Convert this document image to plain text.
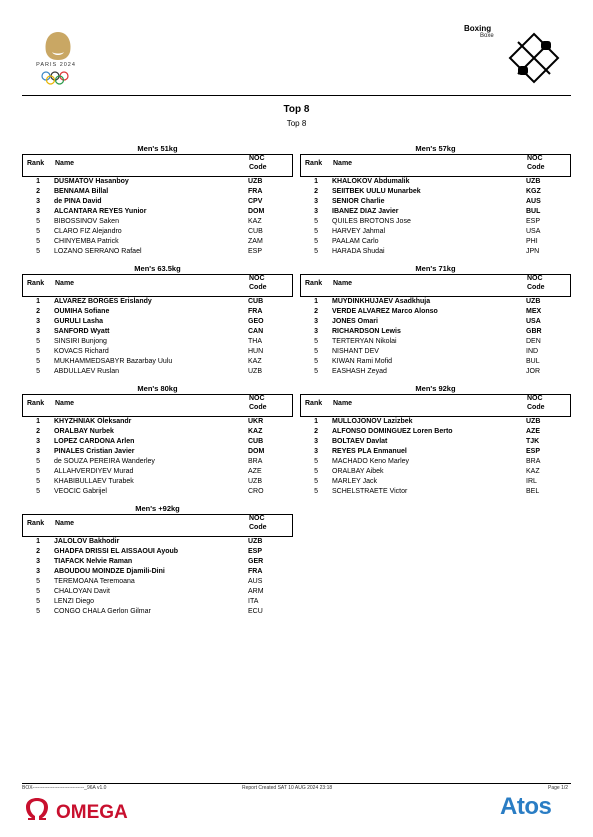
PARIS 2024
Boxing
Boxe
Top 8
Top 8
Men's 51kg
Rank Name
NOC
Code
1 DUSMATOV Hasanboy	UZB
2 BENNAMA Billal	FRA
3 de PINA David	CPV
3 ALCANTARA REYES Yunior	DOM
5 BIBOSSINOV Saken	KAZ
5 CLARO FIZ Alejandro	CUB
5 CHINYEMBA Patrick	ZAM
5 LOZANO SERRANO Rafael	ESP
Men's 57kg
Rank Name
NOC
Code
1 KHALOKOV Abdumalik	UZB
2 SEIITBEK UULU Munarbek	KGZ
3 SENIOR Charlie	AUS
3 IBANEZ DIAZ Javier	BUL
5 QUILES BROTONS Jose	ESP
5 HARVEY Jahmal	USA
5 PAALAM Carlo	PHI
5 HARADA Shudai	JPN
Men's 63.5kg
Rank Name
NOC
Code
1 ALVAREZ BORGES Erislandy	CUB
2 OUMIHA Sofiane	FRA
3 GURULI Lasha	GEO
3 SANFORD Wyatt	CAN
5 SINSIRI Bunjong	THA
5 KOVACS Richard	HUN
5 MUKHAMMEDSABYR Bazarbay Uulu	KAZ
5 ABDULLAEV Ruslan	UZB
Men's 71kg
Rank Name
NOC
Code
1 MUYDINKHUJAEV Asadkhuja	UZB
2 VERDE ALVAREZ Marco Alonso	MEX
3 JONES Omari	USA
3 RICHARDSON Lewis	GBR
5 TERTERYAN Nikolai	DEN
5 NISHANT DEV	IND
5 KIWAN Rami Mofid	BUL
5 EASHASH Zeyad	JOR
Men's 80kg
Rank Name
NOC
Code
1 KHYZHNIAK Oleksandr	UKR
2 ORALBAY Nurbek	KAZ
3 LOPEZ CARDONA Arlen	CUB
3 PINALES Cristian Javier	DOM
5 de SOUZA PEREIRA Wanderley	BRA
5 ALLAHVERDIYEV Murad	AZE
5 KHABIBULLAEV Turabek	UZB
5 VEOCIC Gabrijel	CRO
Men's 92kg
Rank Name
NOC
Code
1 MULLOJONOV Lazizbek	UZB
2 ALFONSO DOMINGUEZ Loren Berto	AZE
3 BOLTAEV Davlat	TJK
3 REYES PLA Enmanuel	ESP
5 MACHADO Keno Marley	BRA
5 ORALBAY Aibek	KAZ
5 MARLEY Jack	IRL
5 SCHELSTRAETE Victor	BEL
Men's +92kg
Rank Name
NOC
Code
1 JALOLOV Bakhodir	UZB
2 GHADFA DRISSI EL AISSAOUI Ayoub	ESP
3 TIAFACK Nelvie Raman	GER
3 ABOUDOU MOINDZE Djamili-Dini	FRA
5 TEREMOANA Teremoana	AUS
5 CHALOYAN Davit	ARM
5 LENZI Diego	ITA
5 CONGO CHALA Gerlon Gilmar	ECU
BOX-------------------------------_96A v1.0	Report Created SAT 10 AUG 2024 23:18	Page 1/2
OMEGA	Atos
